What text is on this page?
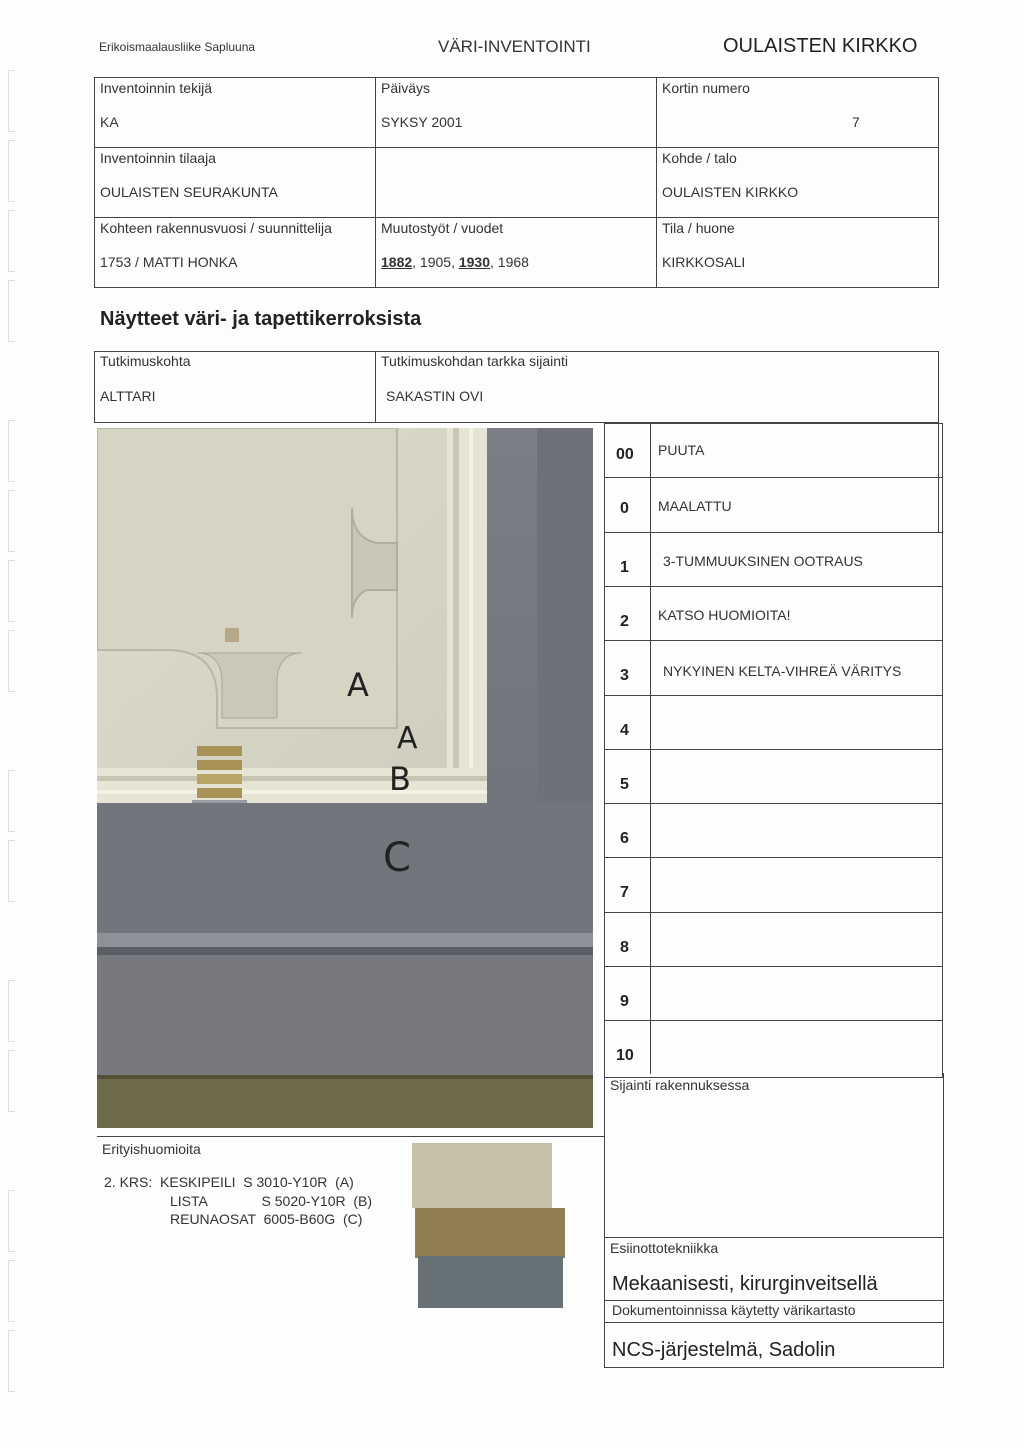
Erikoismaalausliike Sapluuna	VÄRI-INVENTOINTI	OULAISTEN KIRKKO
Inventoinnin tekijä
KA
Päiväys
SYKSY 2001
Kortin numero
7
Inventoinnin tilaaja
OULAISTEN SEURAKUNTA
Kohde / talo
OULAISTEN KIRKKO
Kohteen rakennusvuosi / suunnittelija
1753 / MATTI HONKA
Muutostyöt / vuodet
1882, 1905, 1930, 1968
Tila / huone
KIRKKOSALI
Näytteet väri- ja tapettikerroksista
Tutkimuskohta
ALTTARI
Tutkimuskohdan tarkka sijainti
SAKASTIN OVI
A
A
B
C
00 PUUTA
0 MAALATTU
1 3-TUMMUUKSINEN OOTRAUS
2 KATSO HUOMIOITA!
3 NYKYINEN KELTA-VIHREÄ VÄRITYS
4
5
6
7
8
9
10
Sijainti rakennuksessa
Erityishuomioita
2. KRS:  KESKIPEILI  S 3010-Y10R  (A)
LISTA              S 5020-Y10R  (B)
REUNAOSAT  6005-B60G  (C)
Esiinottotekniikka
Mekaanisesti, kirurginveitsellä
Dokumentoinnissa käytetty värikartasto
NCS-järjestelmä, Sadolin
